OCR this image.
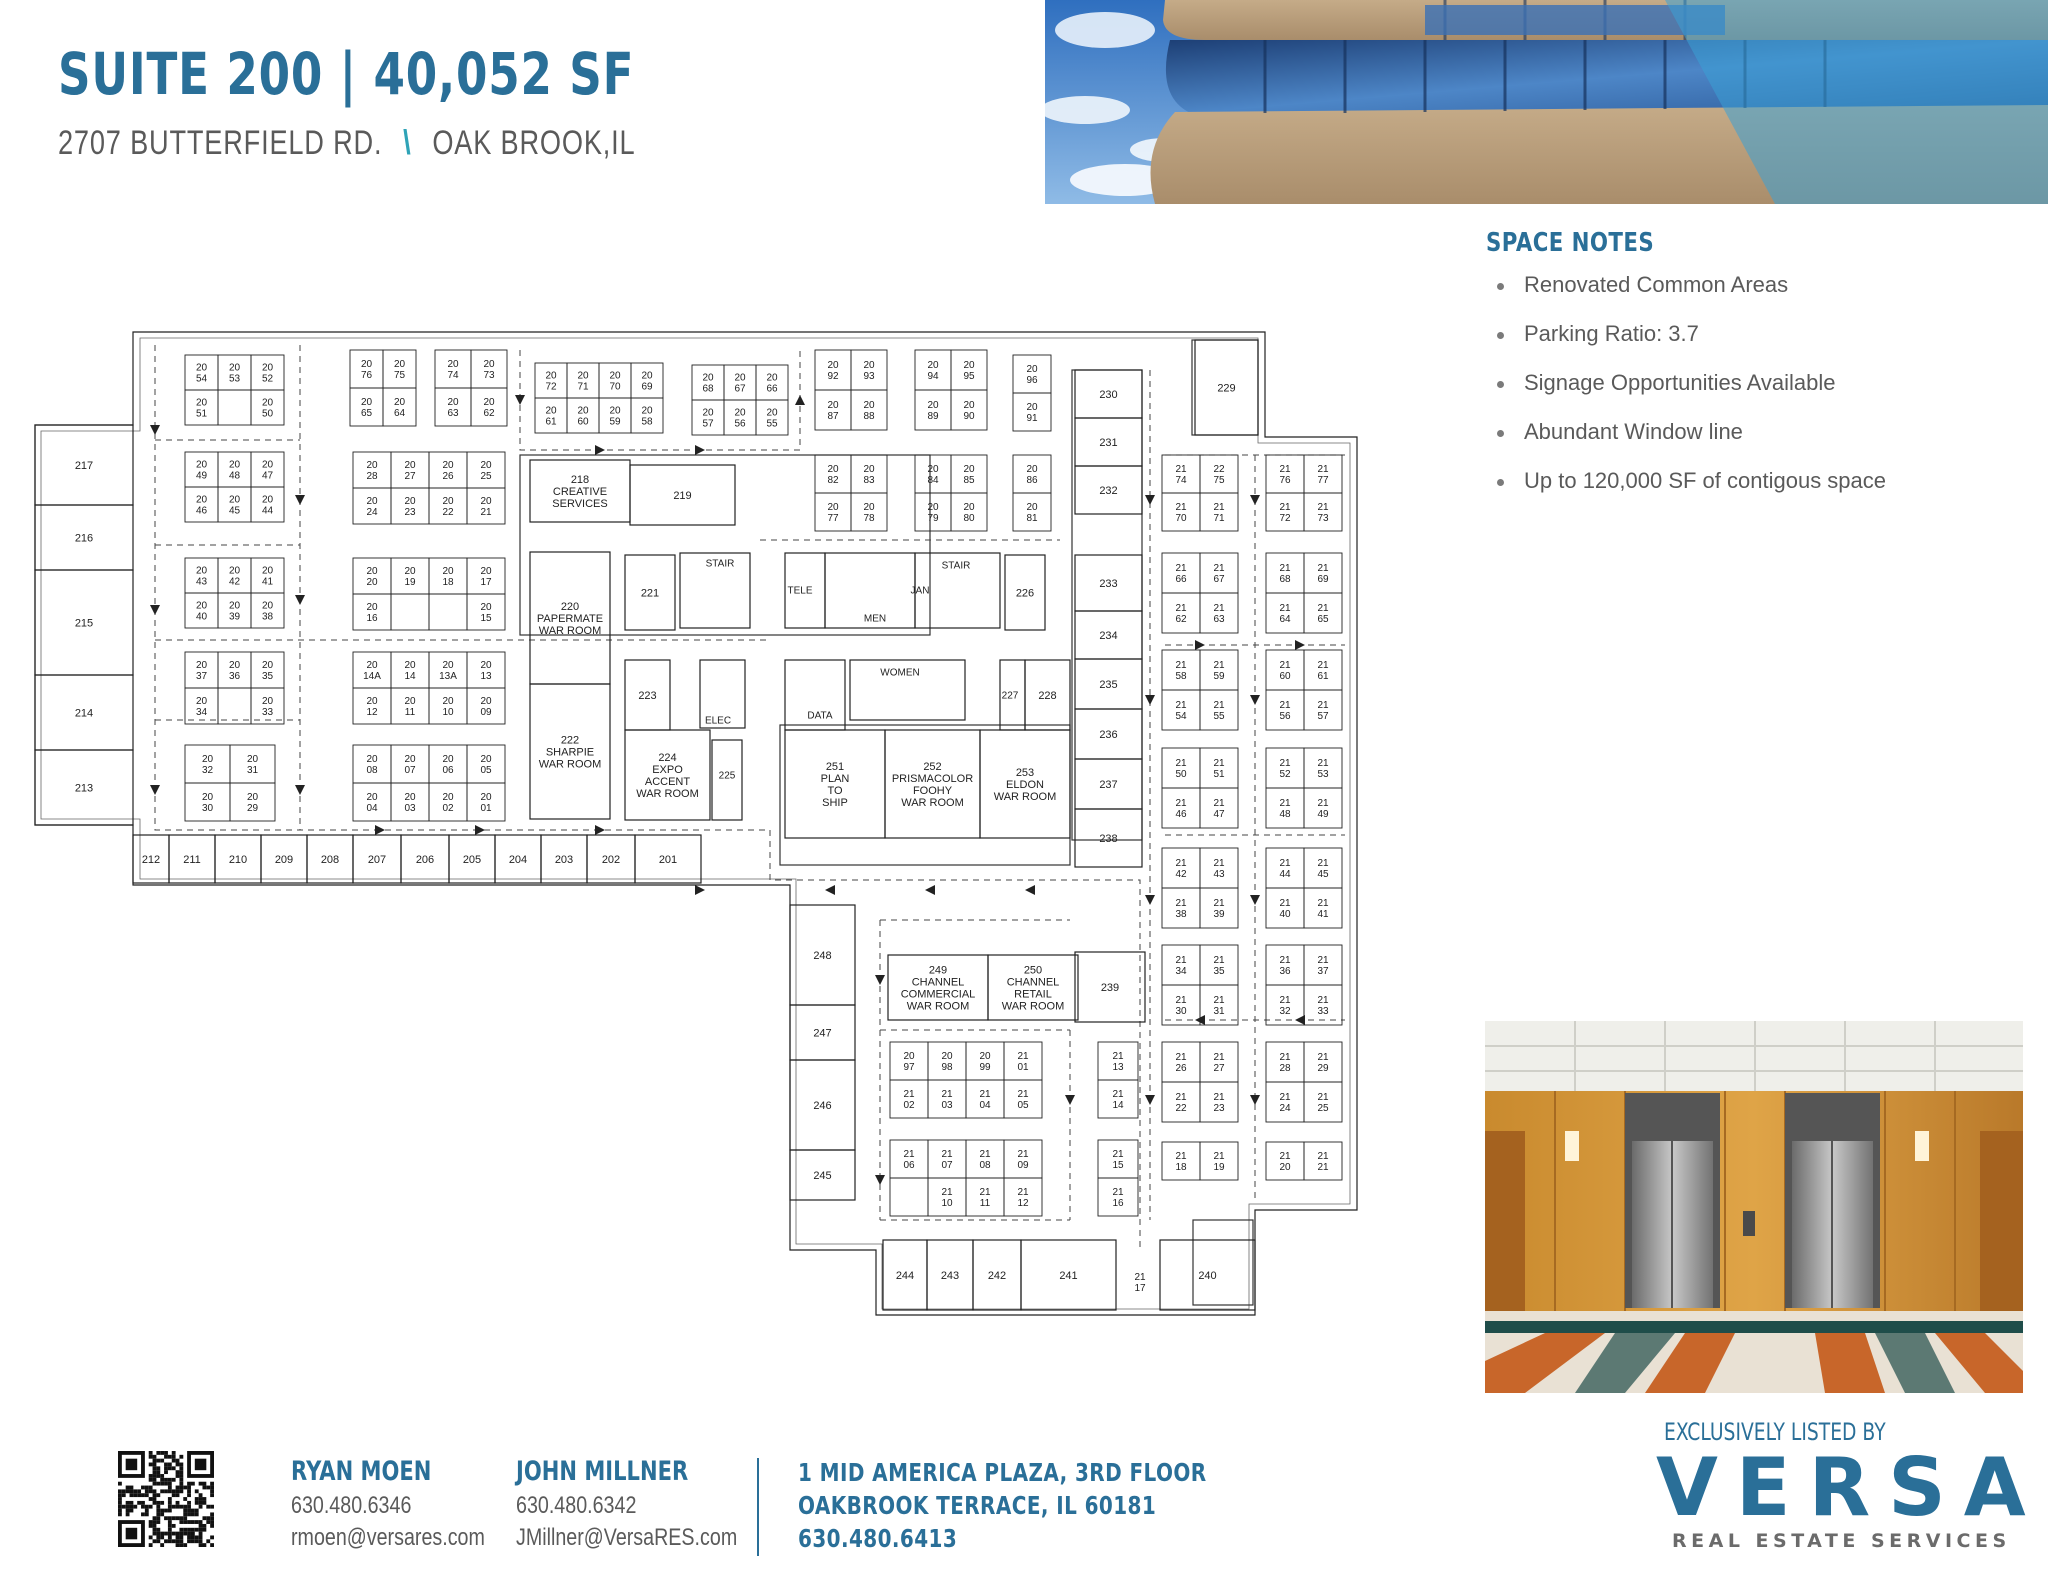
SUITE 200 | 40,052 SF
2707 BUTTERFIELD RD. \ OAK BROOK,IL
SPACE NOTES
Renovated Common Areas
Parking Ratio: 3.7
Signage Opportunities Available
Abundant Window line
Up to 120,000 SF of contigous space
212 211	210	209	208	207	206	205	204	203	202	201
217
216
215
214
213
229
230
231
232
233
234
235
236
237
238
239
228
226
221
223
219
248
247
246
245
244 243	242	241	240
218
CREATIVE
SERVICES
220
PAPERMATE
WAR ROOM
222
SHARPIE
WAR ROOM
224
EXPO
ACCENT
WAR ROOM
251
PLAN
TO
SHIP
252
PRISMACOLOR
FOOHY
WAR ROOM
253
ELDON
WAR ROOM
249
CHANNEL
COMMERCIAL
WAR ROOM
250
CHANNEL
RETAIL
WAR ROOM
STAIR	STAIR
ELEC	DATA
WOMEN
MEN
TELE	JAN
225
227
20
54
20
53
20
52
20
51
20
50
20
76
20
75
20
65
20
64
20
74
20
73
20
63
20
62
20
72
20
71
20
70
20
69
20
61
20
60
20
59
20
58
20
68
20
67
20
66
20
57
20
56
20
55
20
92
20
93
20
87
20
88
20
94
20
95
20
89
20
90
20
96
20
91
20
49
20
48
20
47
20
46
20
45
20
44
20
28
20
27
20
26
20
25
20
24
20
23
20
22
20
21
20
82
20
83
20
77
20
78
20
84
20
85
20
79
20
80
20
86
20
81
20
43
20
42
20
41
20
40
20
39
20
38
20
20
20
19
20
18
20
17
20
16
20
15
20
37
20
36
20
35
20
34
20
33
20
14A
20
14
20
13A
20
13
20
12
20
11
20
10
20
09
20
32
20
31
20
30
20
29
20
08
20
07
20
06
20
05
20
04
20
03
20
02
20
01
21
74
22
75
21
70
21
71
21
76
21
77
21
72
21
73
21
66
21
67
21
62
21
63
21
68
21
69
21
64
21
65
21
58
21
59
21
54
21
55
21
60
21
61
21
56
21
57
21
50
21
51
21
46
21
47
21
52
21
53
21
48
21
49
21
42
21
43
21
38
21
39
21
44
21
45
21
40
21
41
21
34
21
35
21
30
21
31
21
36
21
37
21
32
21
33
21
26
21
27
21
22
21
23
21
28
21
29
21
24
21
25
21
18
21
19
21
20
21
21
20
97
20
98
20
99
21
01
21
02
21
03
21
04
21
05
21
06
21
07
21
08
21
09
21
10
21
11
21
12
21
13
21
14
21
15
21
16
21
17
RYAN MOEN
630.480.6346
rmoen@versares.com
JOHN MILLNER
630.480.6342
JMillner@VersaRES.com
1 MID AMERICA PLAZA, 3RD FLOOR
OAKBROOK TERRACE, IL 60181
630.480.6413
EXCLUSIVELY LISTED BY
VERSA
REAL ESTATE SERVICES
